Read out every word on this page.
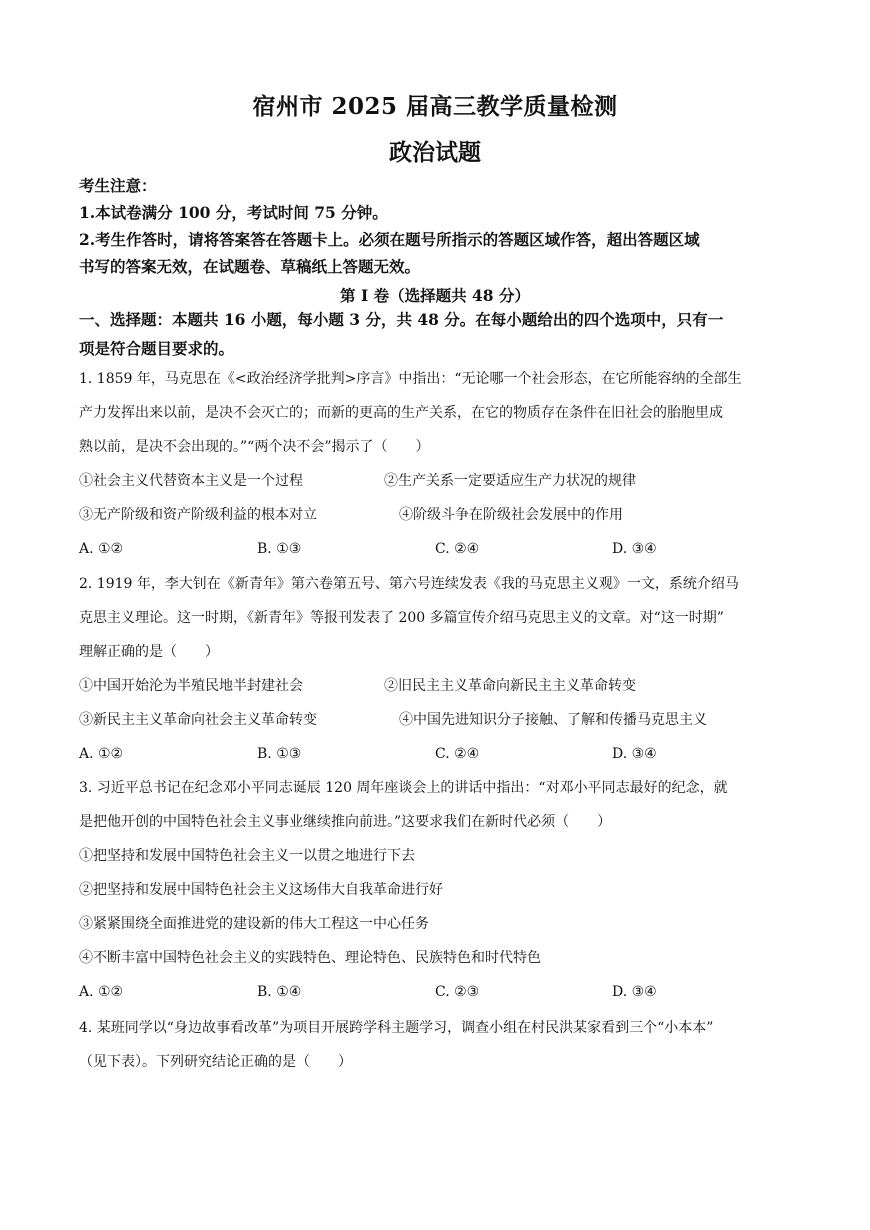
宿州市 2025 届高三教学质量检测
政治试题
考生注意：
1.本试卷满分 100 分，考试时间 75 分钟。
2.考生作答时，请将答案答在答题卡上。必须在题号所指示的答题区域作答，超出答题区域
书写的答案无效，在试题卷、草稿纸上答题无效。
第 I 卷（选择题共 48 分）
一、选择题：本题共 16 小题，每小题 3 分，共 48 分。在每小题给出的四个选项中，只有一
项是符合题目要求的。
1. 1859 年，马克思在《<政治经济学批判>序言》中指出：“无论哪一个社会形态，在它所能容纳的全部生
产力发挥出来以前，是决不会灭亡的；而新的更高的生产关系，在它的物质存在条件在旧社会的胎胞里成
熟以前，是决不会出现的。”“两个决不会”揭示了（　　）
①社会主义代替资本主义是一个过程	②生产关系一定要适应生产力状况的规律
③无产阶级和资产阶级利益的根本对立	④阶级斗争在阶级社会发展中的作用
A. ①②	B. ①③	C. ②④	D. ③④
2. 1919 年，李大钊在《新青年》第六卷第五号、第六号连续发表《我的马克思主义观》一文，系统介绍马
克思主义理论。这一时期，《新青年》等报刊发表了 200 多篇宣传介绍马克思主义的文章。对“这一时期”
理解正确的是（　　）
①中国开始沦为半殖民地半封建社会	②旧民主主义革命向新民主主义革命转变
③新民主主义革命向社会主义革命转变	④中国先进知识分子接触、了解和传播马克思主义
A. ①②	B. ①③	C. ②④	D. ③④
3. 习近平总书记在纪念邓小平同志诞辰 120 周年座谈会上的讲话中指出：“对邓小平同志最好的纪念，就
是把他开创的中国特色社会主义事业继续推向前进。”这要求我们在新时代必须（　　）
①把坚持和发展中国特色社会主义一以贯之地进行下去
②把坚持和发展中国特色社会主义这场伟大自我革命进行好
③紧紧围绕全面推进党的建设新的伟大工程这一中心任务
④不断丰富中国特色社会主义的实践特色、理论特色、民族特色和时代特色
A. ①②	B. ①④	C. ②③	D. ③④
4. 某班同学以“身边故事看改革”为项目开展跨学科主题学习，调查小组在村民洪某家看到三个“小本本”
（见下表）。下列研究结论正确的是（　　）
